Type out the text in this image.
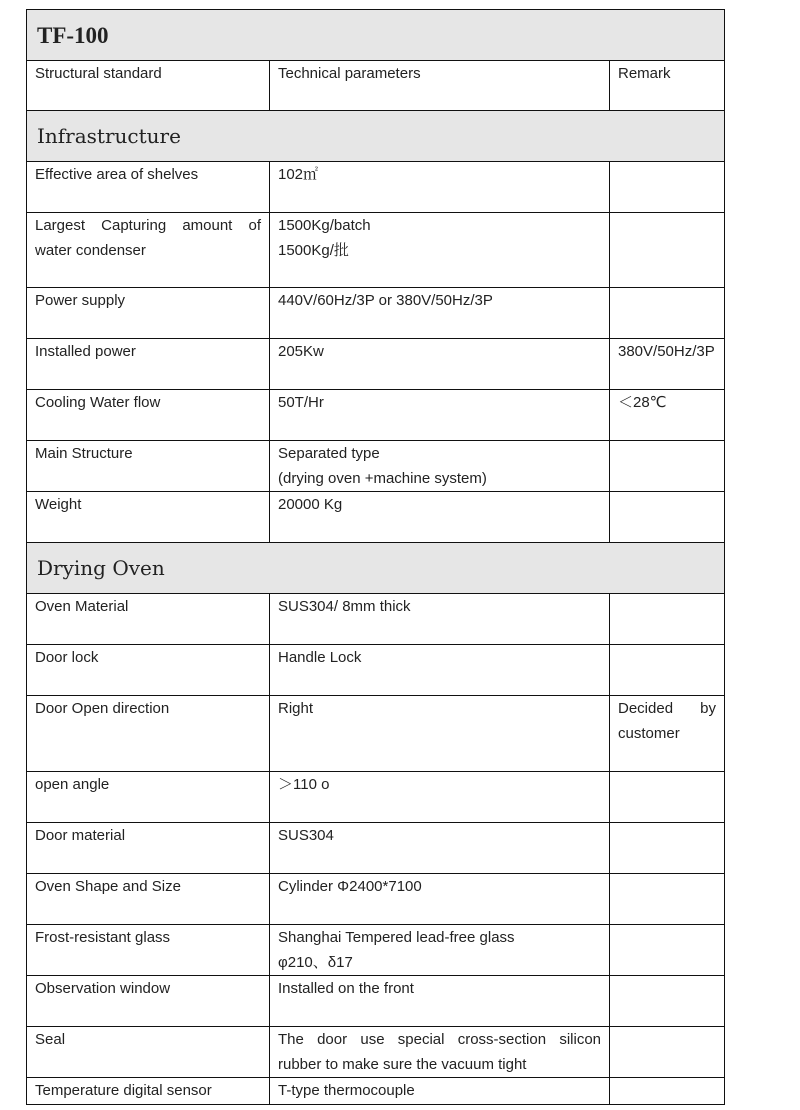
TF-100		
Structural standard	Technical parameters	Remark
Infrastructure		
Effective area of shelves	102㎡	
Largest Capturing amount of water condenser	1500Kg/batch
1500Kg/批	

Power supply	440V/60Hz/3P or 380V/50Hz/3P	
Installed power	205Kw	380V/50Hz/3P
Cooling Water flow	50T/Hr	＜28℃
Main Structure	Separated type
(drying oven +machine system)	

Weight	20000 Kg	
Drying Oven		
Oven Material	SUS304/ 8mm thick	
Door lock	Handle Lock	
Door Open direction	Right	Decided by customer
open angle	＞110 o	
Door material	SUS304	
Oven Shape and Size	Cylinder Φ2400*7100	
Frost-resistant glass	Shanghai Tempered lead-free glass
φ210、δ17	

Observation window	Installed on the front	
Seal	The door use special cross-section silicon rubber to make sure the vacuum tight	
Temperature digital sensor	T-type thermocouple	
